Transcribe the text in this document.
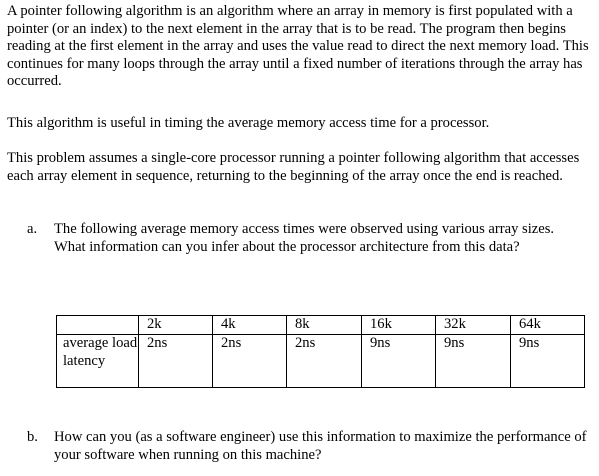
A pointer following algorithm is an algorithm where an array in memory is first populated with a pointer (or an index) to the next element in the array that is to be read. The program then begins reading at the first element in the array and uses the value read to direct the next memory load. This continues for many loops through the array until a fixed number of iterations through the array has occurred.

This algorithm is useful in timing the average memory access time for a processor.

This problem assumes a single-core processor running a pointer following algorithm that accesses each array element in sequence, returning to the beginning of the array once the end is reached.

a. The following average memory access times were observed using various array sizes. What information can you infer about the processor architecture from this data?

	2k	4k	8k	16k	32k	64k
average load latency	2ns	2ns	2ns	9ns	9ns	9ns
b. How can you (as a software engineer) use this information to maximize the performance of your software when running on this machine?
